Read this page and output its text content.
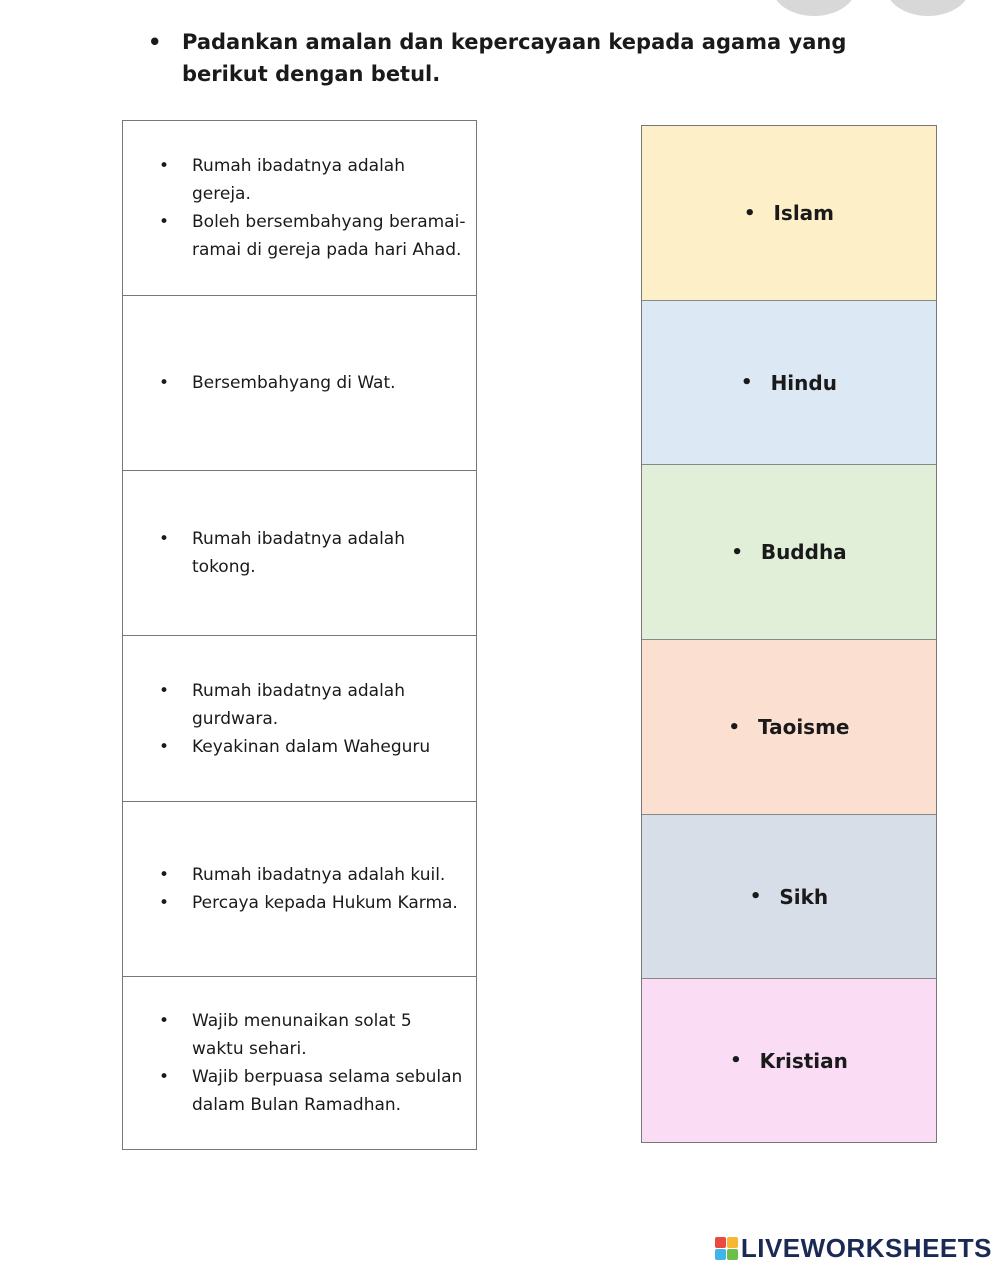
• Padankan amalan dan kepercayaan kepada agama yang berikut dengan betul.
•	Rumah ibadatnya adalah gereja.
•	Boleh bersembahyang beramai-ramai di gereja pada hari Ahad.
•	Bersembahyang di Wat.
•	Rumah ibadatnya adalah tokong.
•	Rumah ibadatnya adalah gurdwara.
•	Keyakinan dalam Waheguru
•	Rumah ibadatnya adalah kuil.
•	Percaya kepada Hukum Karma.
•	Wajib menunaikan solat 5 waktu sehari.
•	Wajib berpuasa selama sebulan dalam Bulan Ramadhan.
• Islam
• Hindu
• Buddha
• Taoisme
• Sikh
• Kristian
LIVEWORKSHEETS
